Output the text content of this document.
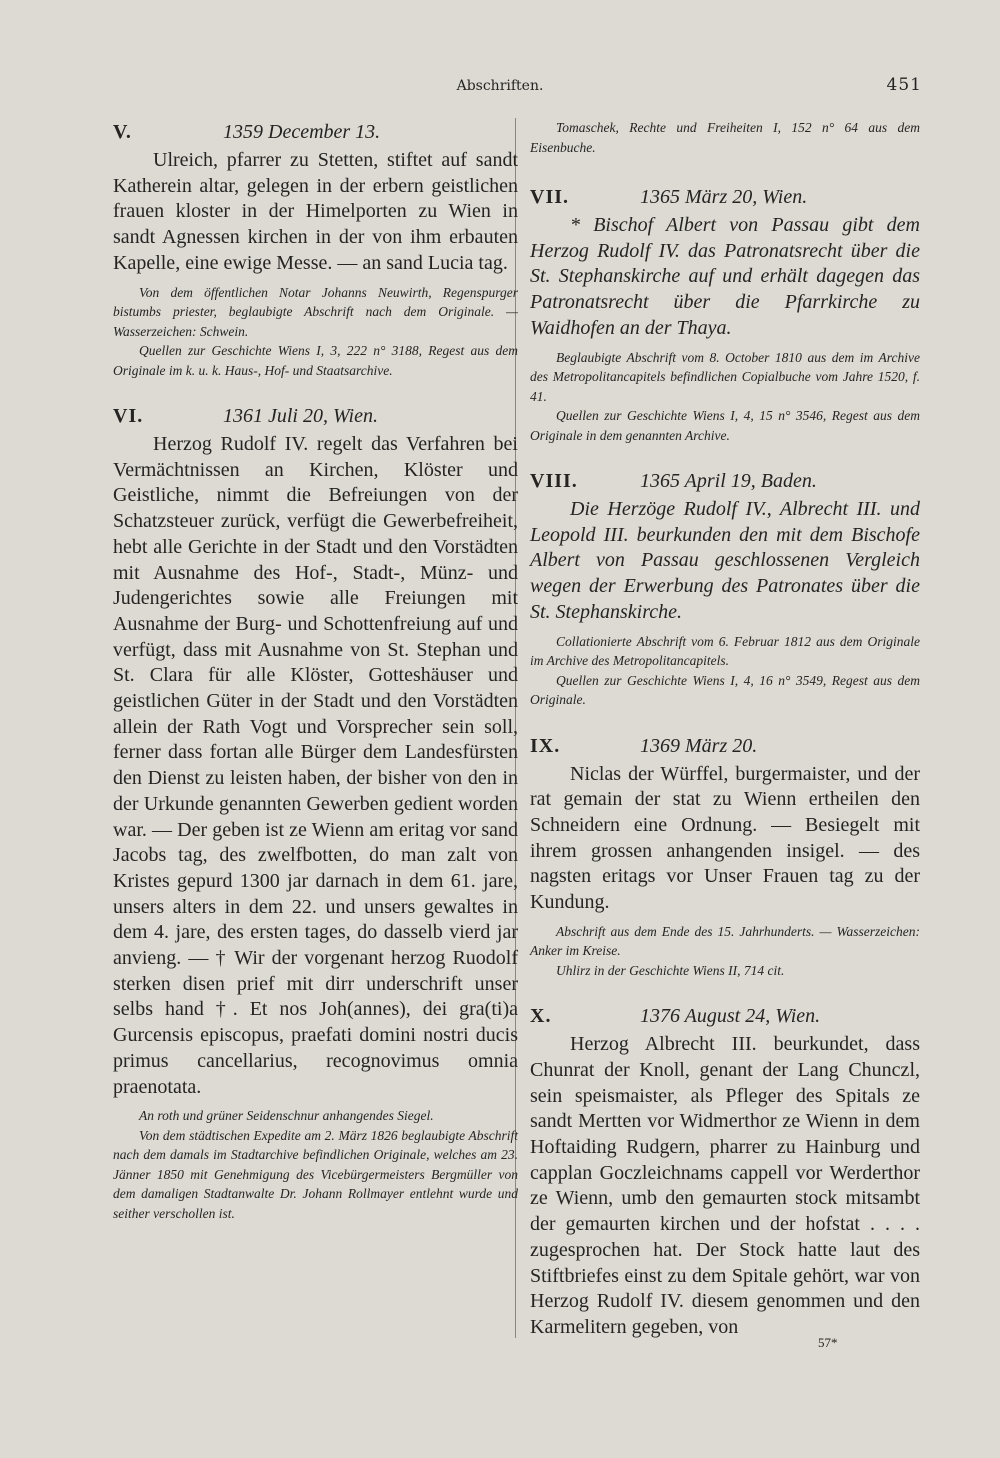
Abschriften.	451
V.	1359 December 13.

Ulreich, pfarrer zu Stetten, stiftet auf sandt Katherein altar, gelegen in der erbern geistlichen frauen kloster in der Himelporten zu Wien in sandt Agnessen kirchen in der von ihm erbauten Kapelle, eine ewige Messe. — an sand Lucia tag.

Von dem öffentlichen Notar Johanns Neuwirth, Regenspurger bistumbs priester, beglaubigte Abschrift nach dem Originale. — Wasserzeichen: Schwein.

Quellen zur Geschichte Wiens I, 3, 222 n° 3188, Regest aus dem Originale im k. u. k. Haus-, Hof- und Staatsarchive.

VI.	1361 Juli 20, Wien.

Herzog Rudolf IV. regelt das Verfahren bei Vermächtnissen an Kirchen, Klöster und Geistliche, nimmt die Befreiungen von der Schatzsteuer zurück, verfügt die Gewerbefreiheit, hebt alle Gerichte in der Stadt und den Vorstädten mit Ausnahme des Hof-, Stadt-, Münz- und Judengerichtes sowie alle Freiungen mit Ausnahme der Burg- und Schottenfreiung auf und verfügt, dass mit Ausnahme von St. Stephan und St. Clara für alle Klöster, Gotteshäuser und geistlichen Güter in der Stadt und den Vorstädten allein der Rath Vogt und Vorsprecher sein soll, ferner dass fortan alle Bürger dem Landesfürsten den Dienst zu leisten haben, der bisher von den in der Urkunde genannten Gewerben gedient worden war. — Der geben ist ze Wienn am eritag vor sand Jacobs tag, des zwelfbotten, do man zalt von Kristes gepurd 1300 jar darnach in dem 61. jare, unsers alters in dem 22. und unsers gewaltes in dem 4. jare, des ersten tages, do dasselb vierd jar anvieng. — † Wir der vorgenant herzog Ruodolf sterken disen prief mit dirr underschrift unser selbs hand †. Et nos Joh(annes), dei gra(ti)a Gurcensis episcopus, praefati domini nostri ducis primus cancellarius, recognovimus omnia praenotata.

An roth und grüner Seidenschnur anhangendes Siegel.

Von dem städtischen Expedite am 2. März 1826 beglaubigte Abschrift nach dem damals im Stadtarchive befindlichen Originale, welches am 23. Jänner 1850 mit Genehmigung des Vicebürgermeisters Bergmüller von dem damaligen Stadtanwalte Dr. Johann Rollmayer entlehnt wurde und seither verschollen ist.

Tomaschek, Rechte und Freiheiten I, 152 n° 64 aus dem Eisenbuche.

VII.	1365 März 20, Wien.

* Bischof Albert von Passau gibt dem Herzog Rudolf IV. das Patronatsrecht über die St. Stephanskirche auf und erhält dagegen das Patronatsrecht über die Pfarrkirche zu Waidhofen an der Thaya.

Beglaubigte Abschrift vom 8. October 1810 aus dem im Archive des Metropolitancapitels befindlichen Copialbuche vom Jahre 1520, f. 41.

Quellen zur Geschichte Wiens I, 4, 15 n° 3546, Regest aus dem Originale in dem genannten Archive.

VIII.	1365 April 19, Baden.

Die Herzöge Rudolf IV., Albrecht III. und Leopold III. beurkunden den mit dem Bischofe Albert von Passau geschlossenen Vergleich wegen der Erwerbung des Patronates über die St. Stephanskirche.

Collationierte Abschrift vom 6. Februar 1812 aus dem Originale im Archive des Metropolitancapitels.

Quellen zur Geschichte Wiens I, 4, 16 n° 3549, Regest aus dem Originale.

IX.	1369 März 20.

Niclas der Würffel, burgermaister, und der rat gemain der stat zu Wienn ertheilen den Schneidern eine Ordnung. — Besiegelt mit ihrem grossen anhangenden insigel. — des nagsten eritags vor Unser Frauen tag zu der Kundung.

Abschrift aus dem Ende des 15. Jahrhunderts. — Wasserzeichen: Anker im Kreise.

Uhlirz in der Geschichte Wiens II, 714 cit.

X.	1376 August 24, Wien.

Herzog Albrecht III. beurkundet, dass Chunrat der Knoll, genant der Lang Chunczl, sein speismaister, als Pfleger des Spitals ze sandt Mertten vor Widmerthor ze Wienn in dem Hoftaiding Rudgern, pharrer zu Hainburg und capplan Goczleichnams cappell vor Werderthor ze Wienn, umb den gemaurten stock mitsambt der gemaurten kirchen und der hofstat . . . . zugesprochen hat. Der Stock hatte laut des Stiftbriefes einst zu dem Spitale gehört, war von Herzog Rudolf IV. diesem genommen und den Karmelitern gegeben, von

57*
